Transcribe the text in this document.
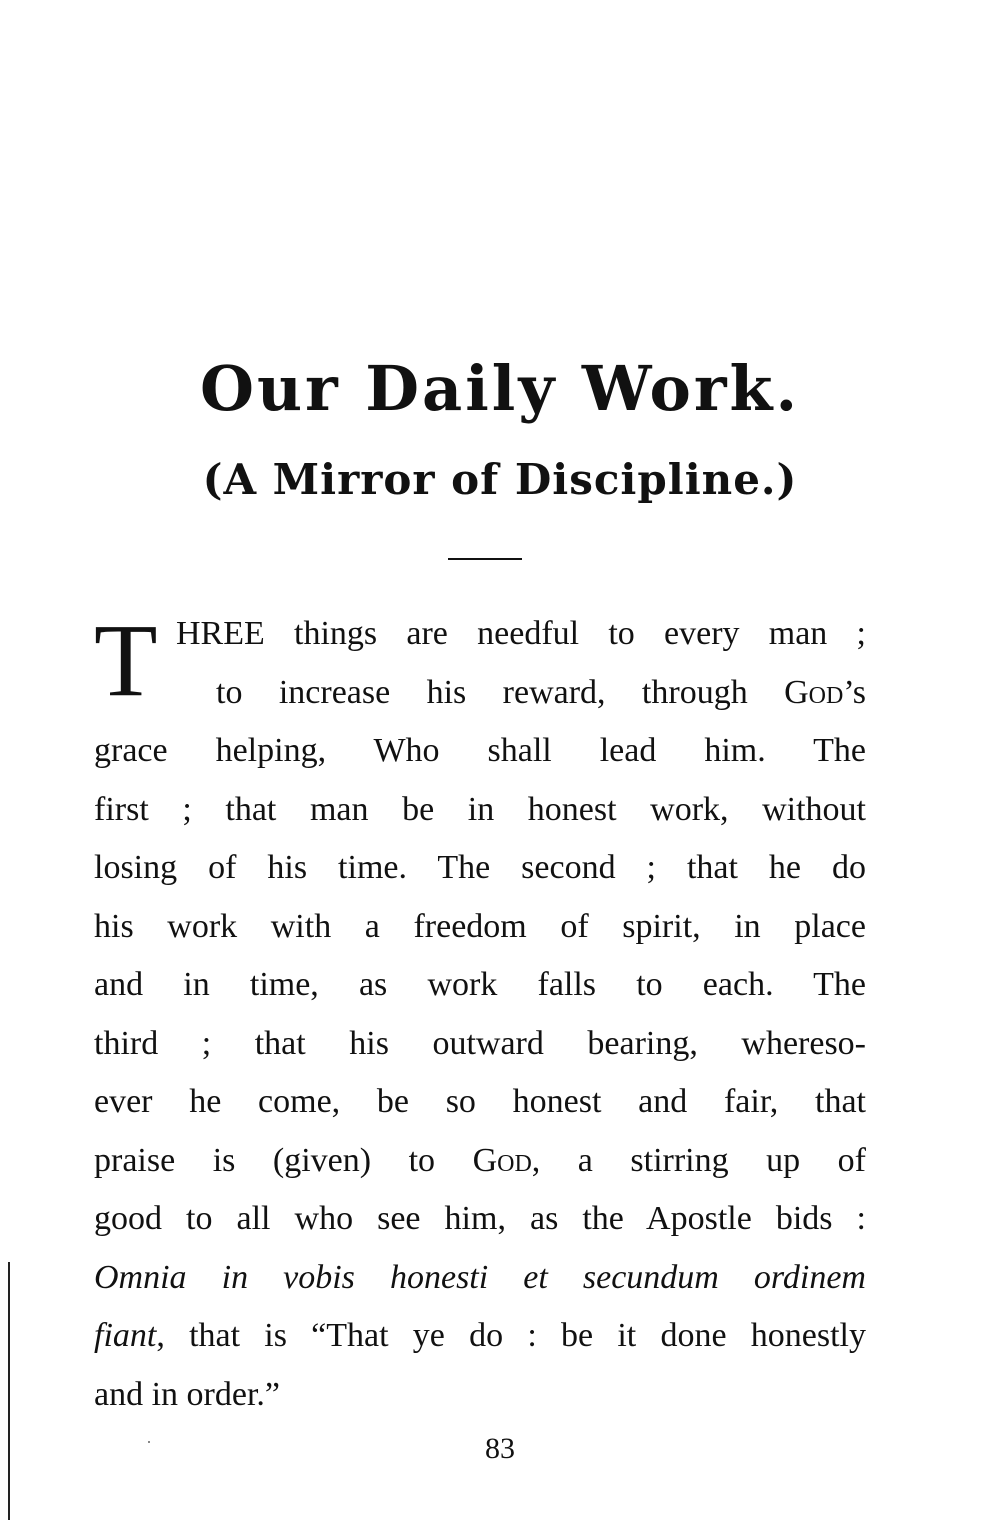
Our Daily Work.
(A Mirror of Discipline.)
T HREE things are needful to every man ;
to increase his reward, through God’s
grace helping, Who shall lead him. The
first ; that man be in honest work, without
losing of his time. The second ; that he do
his work with a freedom of spirit, in place
and in time, as work falls to each. The
third ; that his outward bearing, whereso-
ever he come, be so honest and fair, that
praise is (given) to God, a stirring up of
good to all who see him, as the Apostle bids :
Omnia in vobis honesti et secundum ordinem
fiant, that is “That ye do : be it done honestly
and in order.”
83
